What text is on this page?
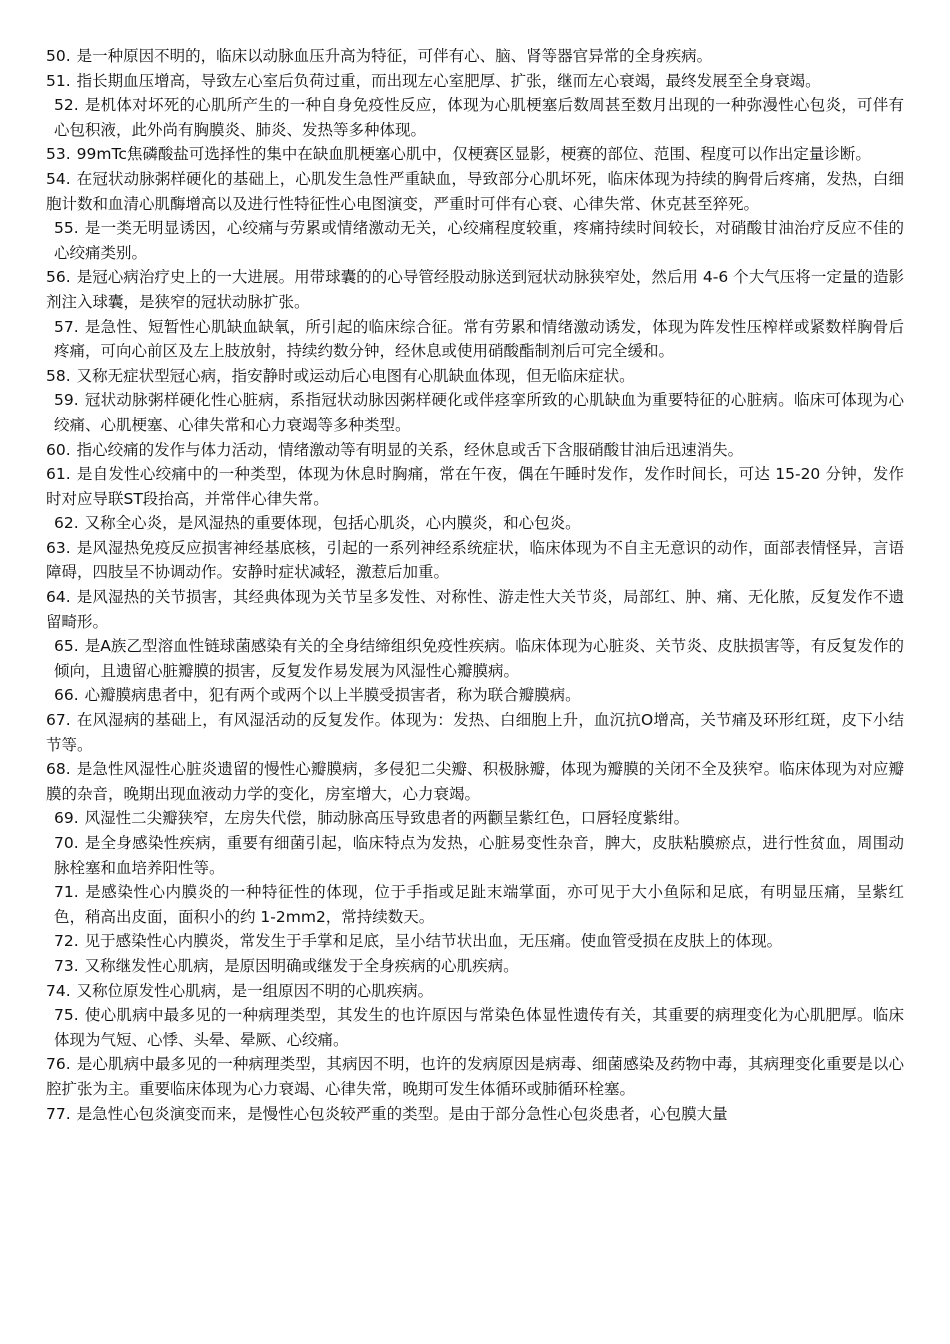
50. 是一种原因不明的，临床以动脉血压升高为特征，可伴有心、脑、肾等器官异常的全身疾病。

51. 指长期血压增高，导致左心室后负荷过重，而出现左心室肥厚、扩张，继而左心衰竭，最终发展至全身衰竭。

52. 是机体对坏死的心肌所产生的一种自身免疫性反应，体现为心肌梗塞后数周甚至数月出现的一种弥漫性心包炎，可伴有心包积液，此外尚有胸膜炎、肺炎、发热等多种体现。

53. 99mTc焦磷酸盐可选择性的集中在缺血肌梗塞心肌中，仅梗赛区显影，梗赛的部位、范围、程度可以作出定量诊断。

54. 在冠状动脉粥样硬化的基础上，心肌发生急性严重缺血，导致部分心肌坏死，临床体现为持续的胸骨后疼痛，发热，白细胞计数和血清心肌酶增高以及进行性特征性心电图演变，严重时可伴有心衰、心律失常、休克甚至猝死。

55. 是一类无明显诱因，心绞痛与劳累或情绪激动无关，心绞痛程度较重，疼痛持续时间较长，对硝酸甘油治疗反应不佳的心绞痛类别。

56. 是冠心病治疗史上的一大进展。用带球囊的的心导管经股动脉送到冠状动脉狭窄处，然后用 4-6 个大气压将一定量的造影剂注入球囊，是狭窄的冠状动脉扩张。

57. 是急性、短暂性心肌缺血缺氧，所引起的临床综合征。常有劳累和情绪激动诱发，体现为阵发性压榨样或紧数样胸骨后疼痛，可向心前区及左上肢放射，持续约数分钟，经休息或使用硝酸酯制剂后可完全缓和。

58. 又称无症状型冠心病，指安静时或运动后心电图有心肌缺血体现，但无临床症状。

59. 冠状动脉粥样硬化性心脏病，系指冠状动脉因粥样硬化或伴痉挛所致的心肌缺血为重要特征的心脏病。临床可体现为心绞痛、心肌梗塞、心律失常和心力衰竭等多种类型。

60. 指心绞痛的发作与体力活动，情绪激动等有明显的关系，经休息或舌下含服硝酸甘油后迅速消失。

61. 是自发性心绞痛中的一种类型，体现为休息时胸痛，常在午夜，偶在午睡时发作，发作时间长，可达 15-20 分钟，发作时对应导联ST段抬高，并常伴心律失常。

62. 又称全心炎，是风湿热的重要体现，包括心肌炎，心内膜炎，和心包炎。

63. 是风湿热免疫反应损害神经基底核，引起的一系列神经系统症状，临床体现为不自主无意识的动作，面部表情怪异，言语障碍，四肢呈不协调动作。安静时症状减轻，激惹后加重。

64. 是风湿热的关节损害，其经典体现为关节呈多发性、对称性、游走性大关节炎，局部红、肿、痛、无化脓，反复发作不遗留畸形。

65. 是A族乙型溶血性链球菌感染有关的全身结缔组织免疫性疾病。临床体现为心脏炎、关节炎、皮肤损害等，有反复发作的倾向，且遗留心脏瓣膜的损害，反复发作易发展为风湿性心瓣膜病。

66. 心瓣膜病患者中，犯有两个或两个以上半膜受损害者，称为联合瓣膜病。

67. 在风湿病的基础上，有风湿活动的反复发作。体现为：发热、白细胞上升，血沉抗O增高，关节痛及环形红斑，皮下小结节等。

68. 是急性风湿性心脏炎遗留的慢性心瓣膜病，多侵犯二尖瓣、积极脉瓣，体现为瓣膜的关闭不全及狭窄。临床体现为对应瓣膜的杂音，晚期出现血液动力学的变化，房室增大，心力衰竭。

69. 风湿性二尖瓣狭窄，左房失代偿，肺动脉高压导致患者的两颧呈紫红色，口唇轻度紫绀。

70. 是全身感染性疾病，重要有细菌引起，临床特点为发热，心脏易变性杂音，脾大，皮肤粘膜瘀点，进行性贫血，周围动脉栓塞和血培养阳性等。

71. 是感染性心内膜炎的一种特征性的体现，位于手指或足趾末端掌面，亦可见于大小鱼际和足底，有明显压痛，呈紫红色，稍高出皮面，面积小的约 1-2mm2，常持续数天。

72. 见于感染性心内膜炎，常发生于手掌和足底，呈小结节状出血，无压痛。使血管受损在皮肤上的体现。

73. 又称继发性心肌病，是原因明确或继发于全身疾病的心肌疾病。

74. 又称位原发性心肌病，是一组原因不明的心肌疾病。

75. 使心肌病中最多见的一种病理类型，其发生的也许原因与常染色体显性遗传有关，其重要的病理变化为心肌肥厚。临床体现为气短、心悸、头晕、晕厥、心绞痛。

76. 是心肌病中最多见的一种病理类型，其病因不明，也许的发病原因是病毒、细菌感染及药物中毒，其病理变化重要是以心腔扩张为主。重要临床体现为心力衰竭、心律失常，晚期可发生体循环或肺循环栓塞。

77. 是急性心包炎演变而来，是慢性心包炎较严重的类型。是由于部分急性心包炎患者，心包膜大量
